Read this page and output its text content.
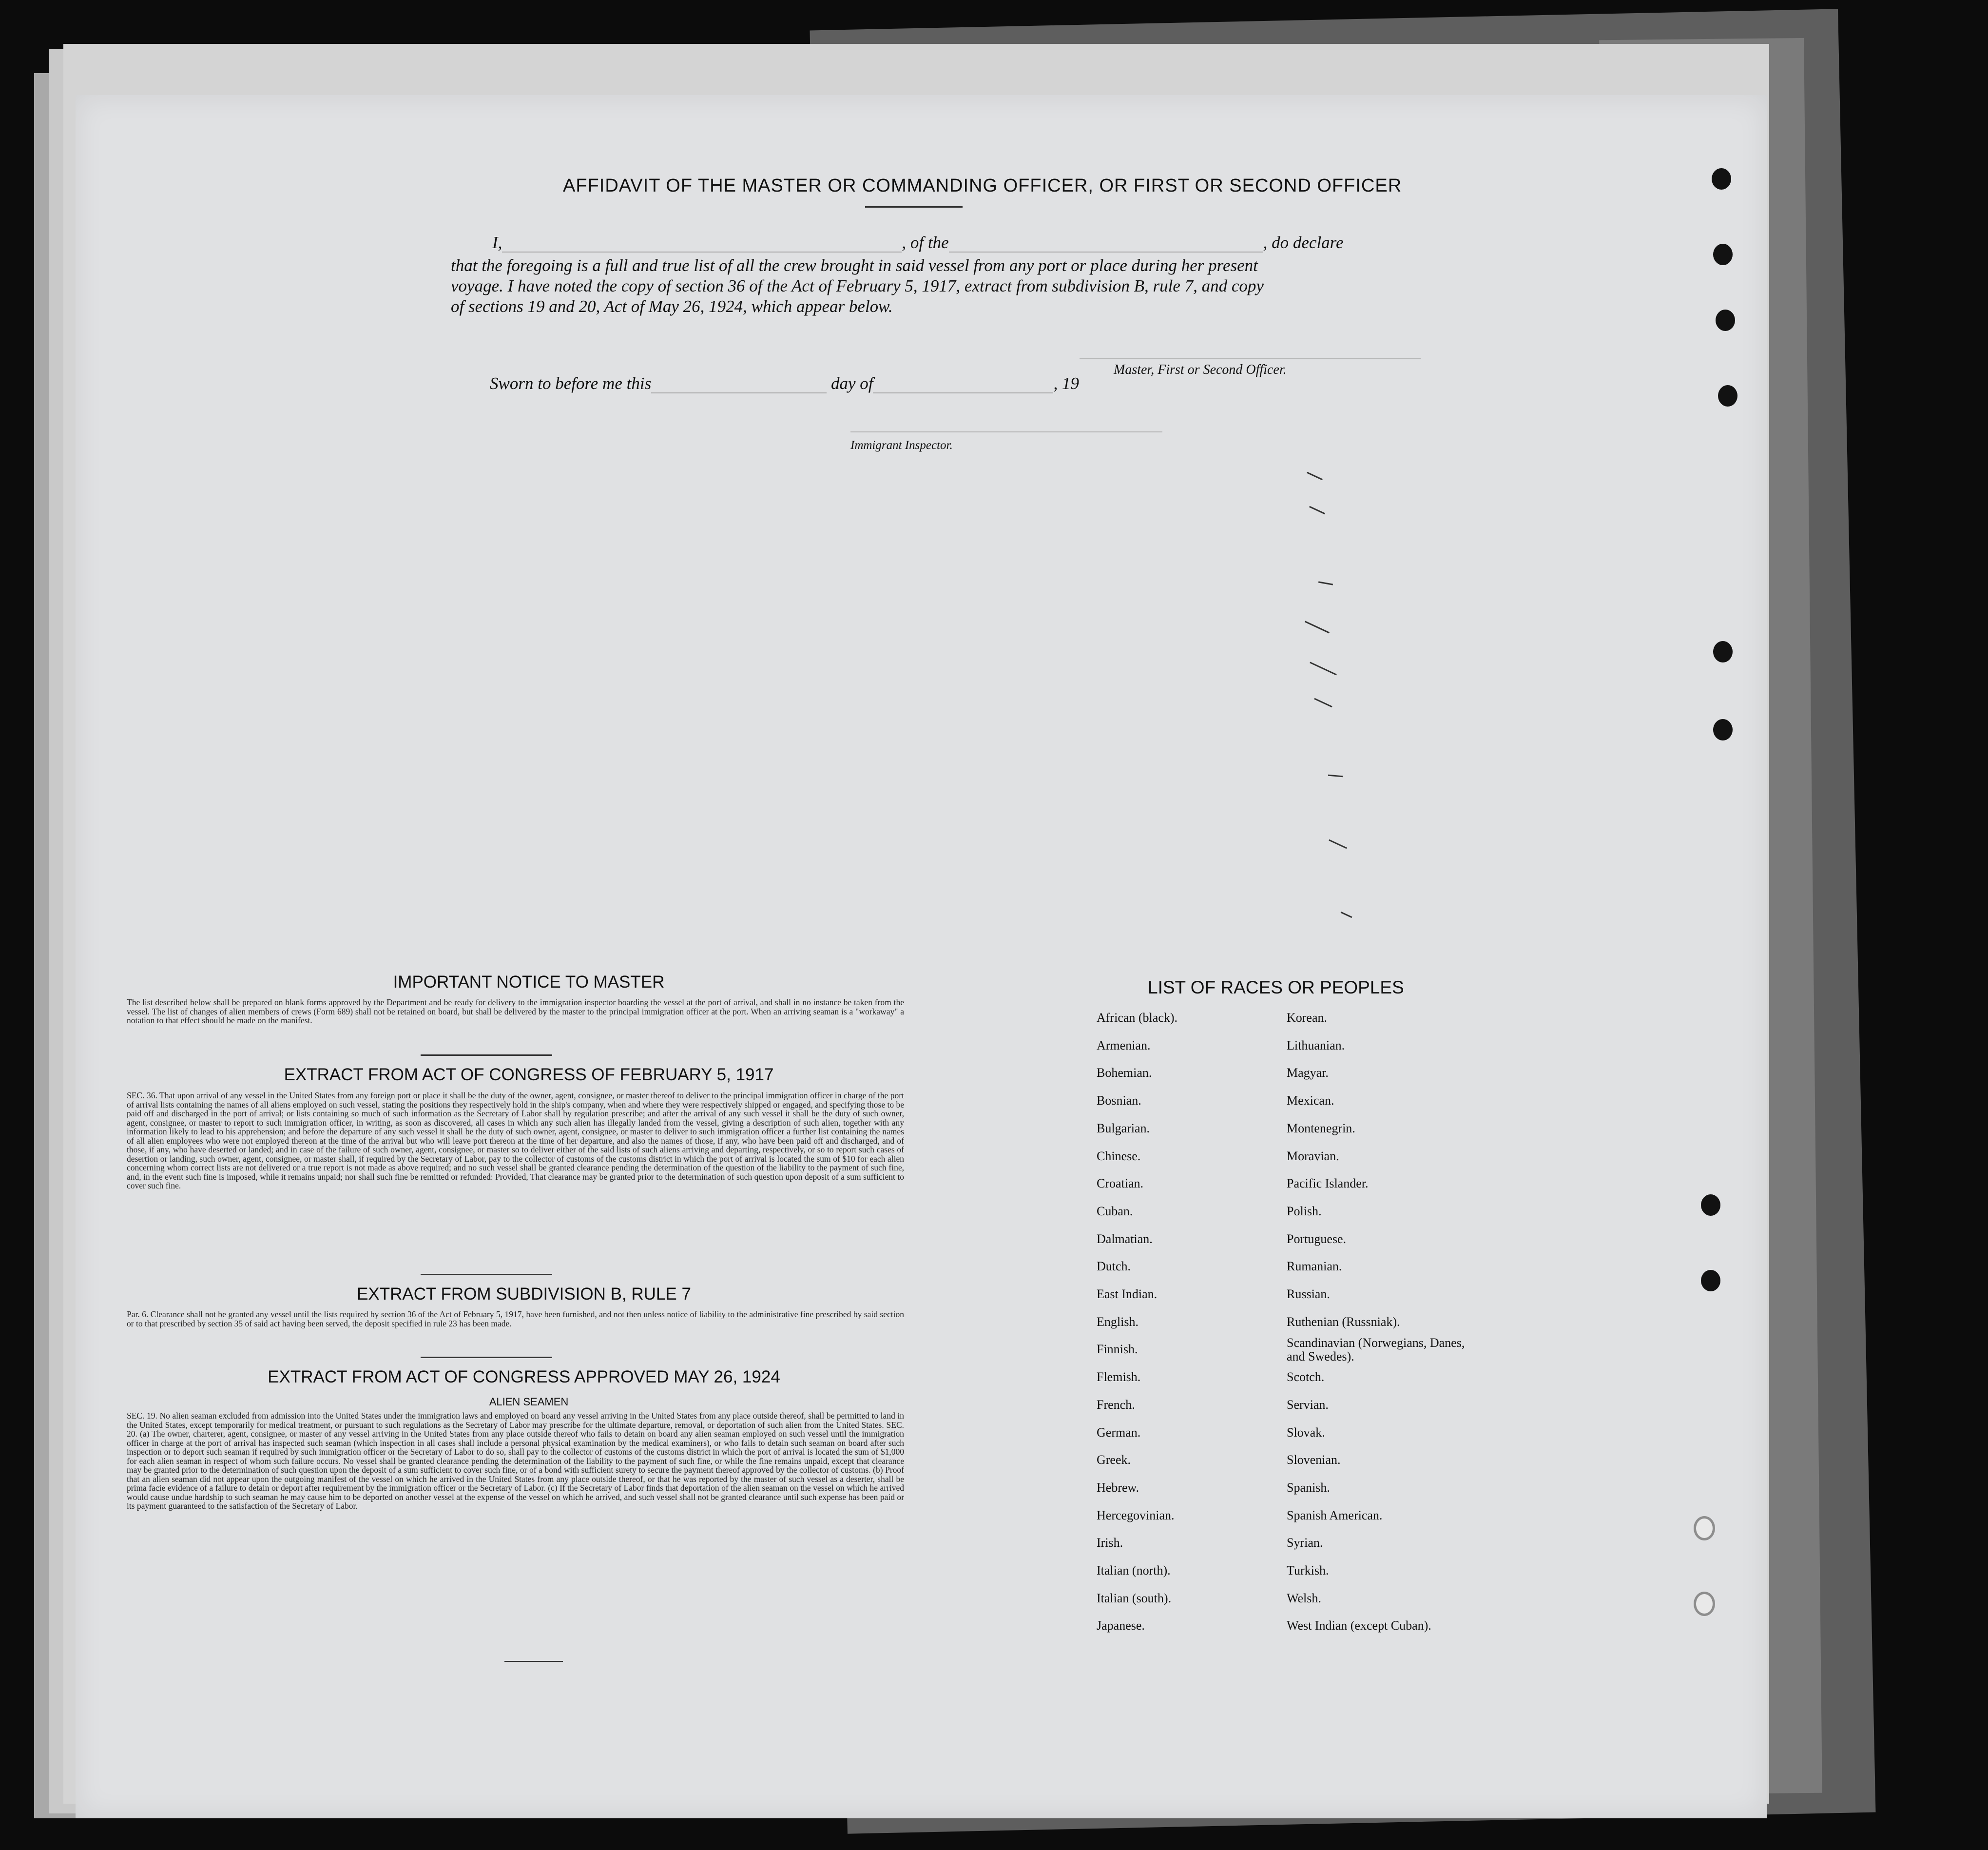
AFFIDAVIT OF THE MASTER OR COMMANDING OFFICER, OR FIRST OR SECOND OFFICER
I,	, of the	, do declare
that the foregoing is a full and true list of all the crew brought in said vessel from any port or place during her present
voyage. I have noted the copy of section 36 of the Act of February 5, 1917, extract from subdivision B, rule 7, and copy
of sections 19 and 20, Act of May 26, 1924, which appear below.
Master, First or Second Officer.
Sworn to before me this	day of	, 19
Immigrant Inspector.
IMPORTANT NOTICE TO MASTER
The list described below shall be prepared on blank forms approved by the Department and be ready for delivery to the immigration inspector boarding the vessel at the port of arrival, and shall in no instance be taken from the vessel. The list of changes of alien members of crews (Form 689) shall not be retained on board, but shall be delivered by the master to the principal immigration officer at the port. When an arriving seaman is a "workaway" a notation to that effect should be made on the manifest.
EXTRACT FROM ACT OF CONGRESS OF FEBRUARY 5, 1917
SEC. 36. That upon arrival of any vessel in the United States from any foreign port or place it shall be the duty of the owner, agent, consignee, or master thereof to deliver to the principal immigration officer in charge of the port of arrival lists containing the names of all aliens employed on such vessel, stating the positions they respectively hold in the ship's company, when and where they were respectively shipped or engaged, and specifying those to be paid off and discharged in the port of arrival; or lists containing so much of such information as the Secretary of Labor shall by regulation prescribe; and after the arrival of any such vessel it shall be the duty of such owner, agent, consignee, or master to report to such immigration officer, in writing, as soon as discovered, all cases in which any such alien has illegally landed from the vessel, giving a description of such alien, together with any information likely to lead to his apprehension; and before the departure of any such vessel it shall be the duty of such owner, agent, consignee, or master to deliver to such immigration officer a further list containing the names of all alien employees who were not employed thereon at the time of the arrival but who will leave port thereon at the time of her departure, and also the names of those, if any, who have been paid off and discharged, and of those, if any, who have deserted or landed; and in case of the failure of such owner, agent, consignee, or master so to deliver either of the said lists of such aliens arriving and departing, respectively, or so to report such cases of desertion or landing, such owner, agent, consignee, or master shall, if required by the Secretary of Labor, pay to the collector of customs of the customs district in which the port of arrival is located the sum of $10 for each alien concerning whom correct lists are not delivered or a true report is not made as above required; and no such vessel shall be granted clearance pending the determination of the question of the liability to the payment of such fine, and, in the event such fine is imposed, while it remains unpaid; nor shall such fine be remitted or refunded: Provided, That clearance may be granted prior to the determination of such question upon deposit of a sum sufficient to cover such fine.
EXTRACT FROM SUBDIVISION B, RULE 7
Par. 6. Clearance shall not be granted any vessel until the lists required by section 36 of the Act of February 5, 1917, have been furnished, and not then unless notice of liability to the administrative fine prescribed by said section or to that prescribed by section 35 of said act having been served, the deposit specified in rule 23 has been made.
EXTRACT FROM ACT OF CONGRESS APPROVED MAY 26, 1924
ALIEN SEAMEN
SEC. 19. No alien seaman excluded from admission into the United States under the immigration laws and employed on board any vessel arriving in the United States from any place outside thereof, shall be permitted to land in the United States, except temporarily for medical treatment, or pursuant to such regulations as the Secretary of Labor may prescribe for the ultimate departure, removal, or deportation of such alien from the United States. SEC. 20. (a) The owner, charterer, agent, consignee, or master of any vessel arriving in the United States from any place outside thereof who fails to detain on board any alien seaman employed on such vessel until the immigration officer in charge at the port of arrival has inspected such seaman (which inspection in all cases shall include a personal physical examination by the medical examiners), or who fails to detain such seaman on board after such inspection or to deport such seaman if required by such immigration officer or the Secretary of Labor to do so, shall pay to the collector of customs of the customs district in which the port of arrival is located the sum of $1,000 for each alien seaman in respect of whom such failure occurs. No vessel shall be granted clearance pending the determination of the liability to the payment of such fine, or while the fine remains unpaid, except that clearance may be granted prior to the determination of such question upon the deposit of a sum sufficient to cover such fine, or of a bond with sufficient surety to secure the payment thereof approved by the collector of customs. (b) Proof that an alien seaman did not appear upon the outgoing manifest of the vessel on which he arrived in the United States from any place outside thereof, or that he was reported by the master of such vessel as a deserter, shall be prima facie evidence of a failure to detain or deport after requirement by the immigration officer or the Secretary of Labor. (c) If the Secretary of Labor finds that deportation of the alien seaman on the vessel on which he arrived would cause undue hardship to such seaman he may cause him to be deported on another vessel at the expense of the vessel on which he arrived, and such vessel shall not be granted clearance until such expense has been paid or its payment guaranteed to the satisfaction of the Secretary of Labor.
LIST OF RACES OR PEOPLES
African (black).
Armenian.
Bohemian.
Bosnian.
Bulgarian.
Chinese.
Croatian.
Cuban.
Dalmatian.
Dutch.
East Indian.
English.
Finnish.
Flemish.
French.
German.
Greek.
Hebrew.
Hercegovinian.
Irish.
Italian (north).
Italian (south).
Japanese.
Korean.
Lithuanian.
Magyar.
Mexican.
Montenegrin.
Moravian.
Pacific Islander.
Polish.
Portuguese.
Rumanian.
Russian.
Ruthenian (Russniak).
Scandinavian (Norwegians, Danes, and Swedes).
Scotch.
Servian.
Slovak.
Slovenian.
Spanish.
Spanish American.
Syrian.
Turkish.
Welsh.
West Indian (except Cuban).
